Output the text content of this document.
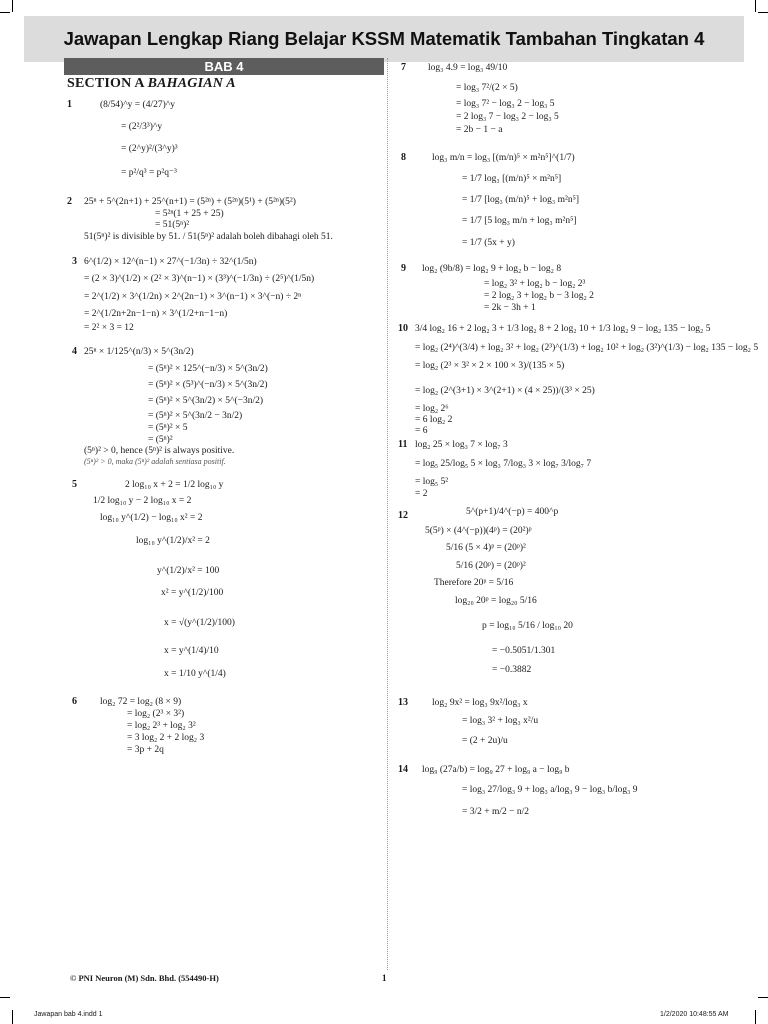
Jawapan Lengkap Riang Belajar KSSM Matematik Tambahan Tingkatan 4
BAB 4
SECTION A BAHAGIAN A
1	(8/54)^y = (4/27)^y
= (2²/3³)^y
= (2^y)²/(3^y)³
= p²/q³ = p²q⁻³
2 25ⁿ + 5^(2n+1) + 25^(n+1) = (5²ⁿ) + (5²ⁿ)(5¹) + (5²ⁿ)(5²)
= 5²ⁿ(1 + 25 + 25)
= 51(5ⁿ)²
51(5ⁿ)² is divisible by 51. / 51(5ⁿ)² adalah boleh dibahagi oleh 51.
3 6^(1/2) × 12^(n−1) × 27^(−1/3n) ÷ 32^(1/5n)
= (2 × 3)^(1/2) × (2² × 3)^(n−1) × (3³)^(−1/3n) ÷ (2⁵)^(1/5n)
= 2^(1/2) × 3^(1/2n) × 2^(2n−1) × 3^(n−1) × 3^(−n) ÷ 2ⁿ
= 2^(1/2n+2n−1−n) × 3^(1/2+n−1−n)
= 2² × 3 = 12
4 25ⁿ × 1/125^(n/3) × 5^(3n/2)
= (5ⁿ)² × 125^(−n/3) × 5^(3n/2)
= (5ⁿ)² × (5³)^(−n/3) × 5^(3n/2)
= (5ⁿ)² × 5^(3n/2) × 5^(−3n/2)
= (5ⁿ)² × 5^(3n/2 − 3n/2)
= (5ⁿ)² × 5
= (5ⁿ)²
(5ⁿ)² > 0, hence (5ⁿ)² is always positive.
(5ⁿ)² > 0, maka (5ⁿ)² adalah sentiasa positif.
5	2 log₁₀ x + 2 = 1/2 log₁₀ y
1/2 log₁₀ y − 2 log₁₀ x = 2
log₁₀ y^(1/2) − log₁₀ x² = 2
log₁₀ y^(1/2)/x² = 2
y^(1/2)/x² = 100
x² = y^(1/2)/100
x = √(y^(1/2)/100)
x = y^(1/4)/10
x = 1/10 y^(1/4)
6 log₂ 72 = log₂ (8 × 9)
= log₂ (2³ × 3²)
= log₂ 2³ + log₂ 3²
= 3 log₂ 2 + 2 log₂ 3
= 3p + 2q
7 log₃ 4.9 = log₃ 49/10
= log₃ 7²/(2 × 5)
= log₃ 7² − log₃ 2 − log₃ 5
= 2 log₃ 7 − log₃ 2 − log₃ 5
= 2b − 1 − a
8	log₃ m/n = log₃ [(m/n)⁵ × m²n⁵]^(1/7)
= 1/7 log₃ [(m/n)⁵ × m²n⁵]
= 1/7 [log₃ (m/n)⁵ + log₃ m²n⁵]
= 1/7 [5 log₃ m/n + log₃ m²n⁵]
= 1/7 (5x + y)
9 log₂ (9b/8) = log₂ 9 + log₂ b − log₂ 8
= log₂ 3² + log₂ b − log₂ 2³
= 2 log₂ 3 + log₂ b − 3 log₂ 2
= 2k − 3h + 1
10 3/4 log₂ 16 + 2 log₂ 3 + 1/3 log₂ 8 + 2 log₂ 10 + 1/3 log₂ 9 − log₂ 135 − log₂ 5
= log₂ (2⁴)^(3/4) + log₂ 3² + log₂ (2³)^(1/3) + log₂ 10² + log₂ (3²)^(1/3) − log₂ 135 − log₂ 5
= log₂ (2³ × 3² × 2 × 100 × 3)/(135 × 5)
= log₂ (2^(3+1) × 3^(2+1) × (4 × 25))/(3³ × 25)
= log₂ 2⁶
= 6 log₂ 2
= 6
11 log₂ 25 × log₃ 7 × log₇ 3
= log₅ 25/log₅ 5 × log₃ 7/log₃ 3 × log₇ 3/log₇ 7
= log₅ 5²
= 2
12	5^(p+1)/4^(−p) = 400^p
5(5ᵖ) × (4^(−p))(4ᵖ) = (20²)ᵖ
5/16 (5 × 4)ᵖ = (20ᵖ)²
5/16 (20ᵖ) = (20ᵖ)²
Therefore 20ᵖ = 5/16
log₂₀ 20ᵖ = log₂₀ 5/16
p = log₁₀ 5/16 / log₁₀ 20
= −0.5051/1.301
= −0.3882
13	log₂ 9x² = log₃ 9x²/log₃ x
= log₃ 3² + log₃ x²/u
= (2 + 2u)/u
14 log₉ (27a/b) = log₉ 27 + log₉ a − log₉ b
= log₃ 27/log₃ 9 + log₃ a/log₃ 9 − log₃ b/log₃ 9
= 3/2 + m/2 − n/2
© PNI Neuron (M) Sdn. Bhd. (554490-H)	1
Jawapan bab 4.indd 1	1/2/2020 10:48:55 AM
